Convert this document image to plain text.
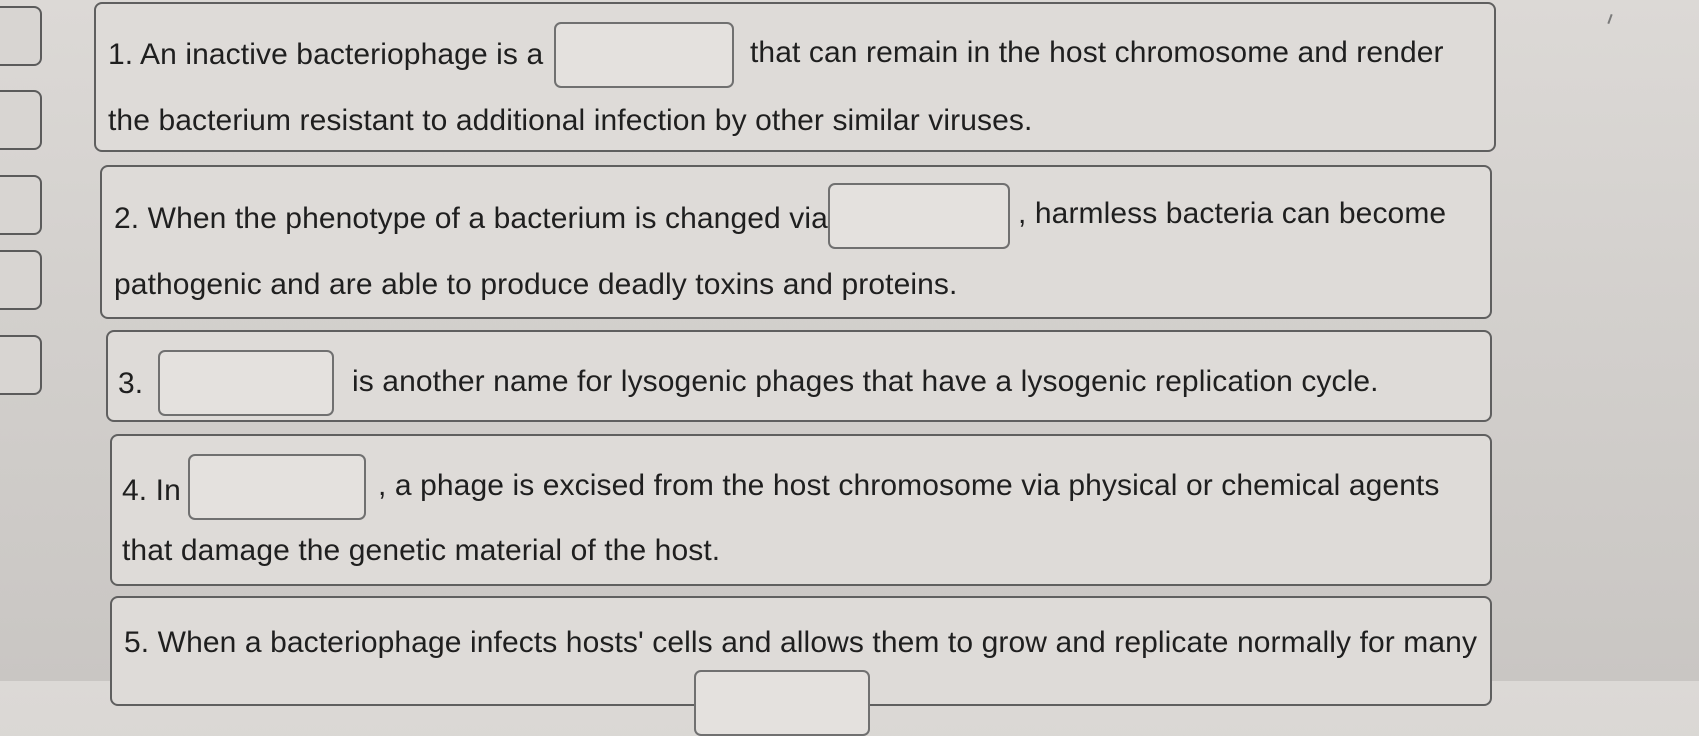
1. An inactive bacteriophage is a	that can remain in the host chromosome and render
the bacterium resistant to additional infection by other similar viruses.
2. When the phenotype of a bacterium is changed via	, harmless bacteria can become
pathogenic and are able to produce deadly toxins and proteins.
3.	is another name for lysogenic phages that have a lysogenic replication cycle.
4. In	, a phage is excised from the host chromosome via physical or chemical agents
that damage the genetic material of the host.
5. When a bacteriophage infects hosts' cells and allows them to grow and replicate normally for many
